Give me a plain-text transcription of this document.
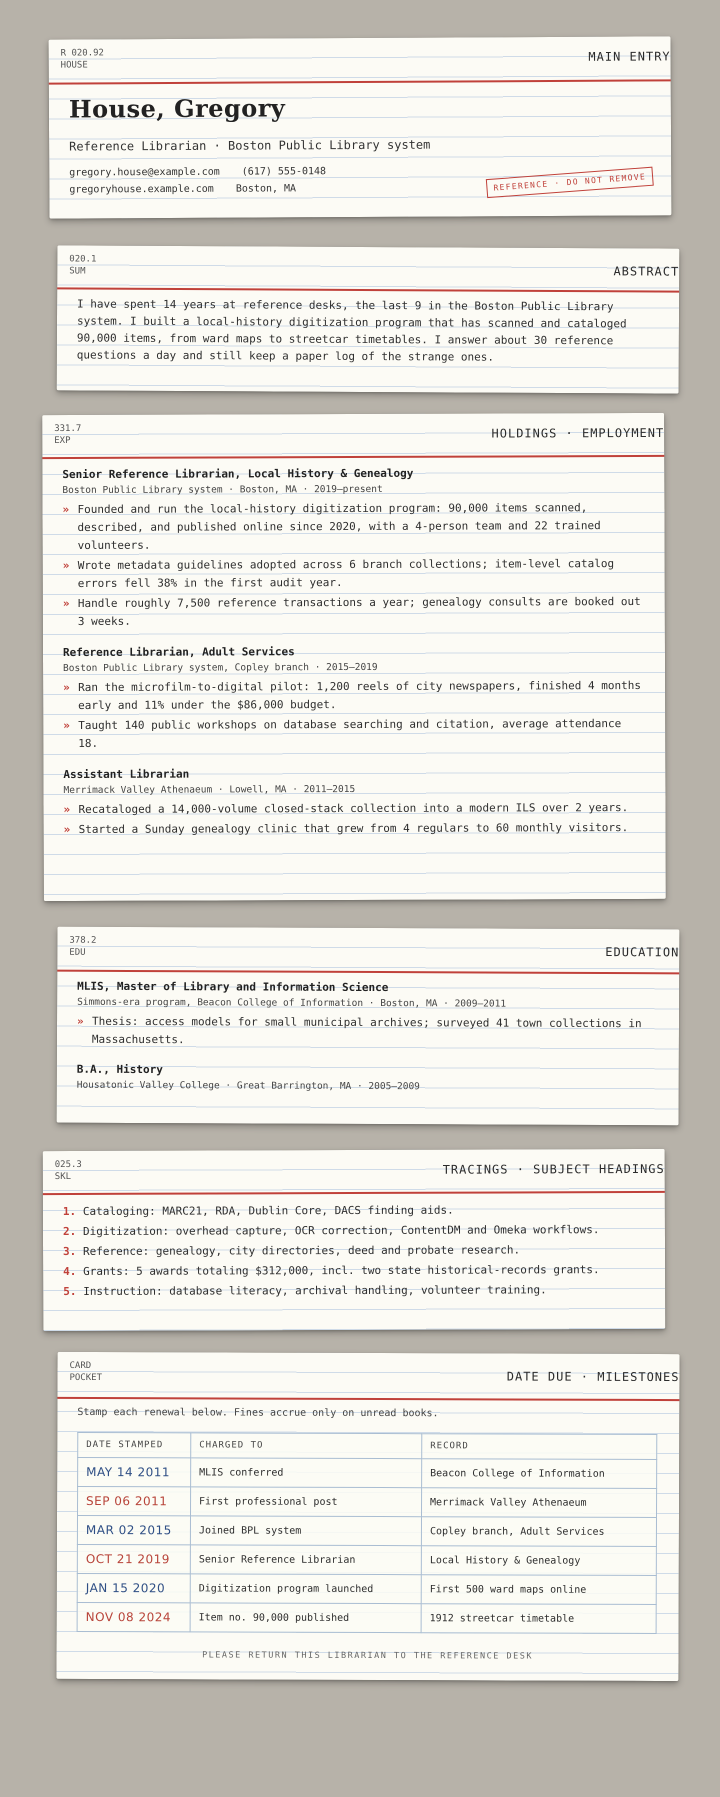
R 020.92
HOUSE
MAIN ENTRY
House, Gregory
Reference Librarian · Boston Public Library system
gregory.house@example.com (617) 555-0148
gregoryhouse.example.com Boston, MA	REFERENCE · DO NOT REMOVE
020.1
SUM	ABSTRACT
I have spent 14 years at reference desks, the last 9 in the Boston Public Library system. I built a local-history digitization program that has scanned and cataloged 90,000 items, from ward maps to streetcar timetables. I answer about 30 reference questions a day and still keep a paper log of the strange ones.
331.7
EXP
HOLDINGS · EMPLOYMENT
Senior Reference Librarian, Local History & Genealogy
Boston Public Library system · Boston, MA · 2019–present
» Founded and run the local-history digitization program: 90,000 items scanned, described, and published online since 2020, with a 4-person team and 22 trained volunteers.
» Wrote metadata guidelines adopted across 6 branch collections; item-level catalog errors fell 38% in the first audit year.
» Handle roughly 7,500 reference transactions a year; genealogy consults are booked out 3 weeks.
Reference Librarian, Adult Services
Boston Public Library system, Copley branch · 2015–2019
» Ran the microfilm-to-digital pilot: 1,200 reels of city newspapers, finished 4 months early and 11% under the $86,000 budget.
» Taught 140 public workshops on database searching and citation, average attendance 18.
Assistant Librarian
Merrimack Valley Athenaeum · Lowell, MA · 2011–2015
» Recataloged a 14,000-volume closed-stack collection into a modern ILS over 2 years.
» Started a Sunday genealogy clinic that grew from 4 regulars to 60 monthly visitors.
378.2
EDU	EDUCATION
MLIS, Master of Library and Information Science
Simmons-era program, Beacon College of Information · Boston, MA · 2009–2011
» Thesis: access models for small municipal archives; surveyed 41 town collections in Massachusetts.
B.A., History
Housatonic Valley College · Great Barrington, MA · 2005–2009
025.3
SKL
TRACINGS · SUBJECT HEADINGS
1. Cataloging: MARC21, RDA, Dublin Core, DACS finding aids.
2. Digitization: overhead capture, OCR correction, ContentDM and Omeka workflows.
3. Reference: genealogy, city directories, deed and probate research.
4. Grants: 5 awards totaling $312,000, incl. two state historical-records grants.
5. Instruction: database literacy, archival handling, volunteer training.
CARD
POCKET	DATE DUE · MILESTONES
Stamp each renewal below. Fines accrue only on unread books.
DATE STAMPED	CHARGED TO	RECORD
MAY 14 2011	MLIS conferred	Beacon College of Information
SEP 06 2011	First professional post	Merrimack Valley Athenaeum
MAR 02 2015	Joined BPL system	Copley branch, Adult Services
OCT 21 2019	Senior Reference Librarian	Local History & Genealogy
JAN 15 2020	Digitization program launched	First 500 ward maps online
NOV 08 2024	Item no. 90,000 published	1912 streetcar timetable
PLEASE RETURN THIS LIBRARIAN TO THE REFERENCE DESK
